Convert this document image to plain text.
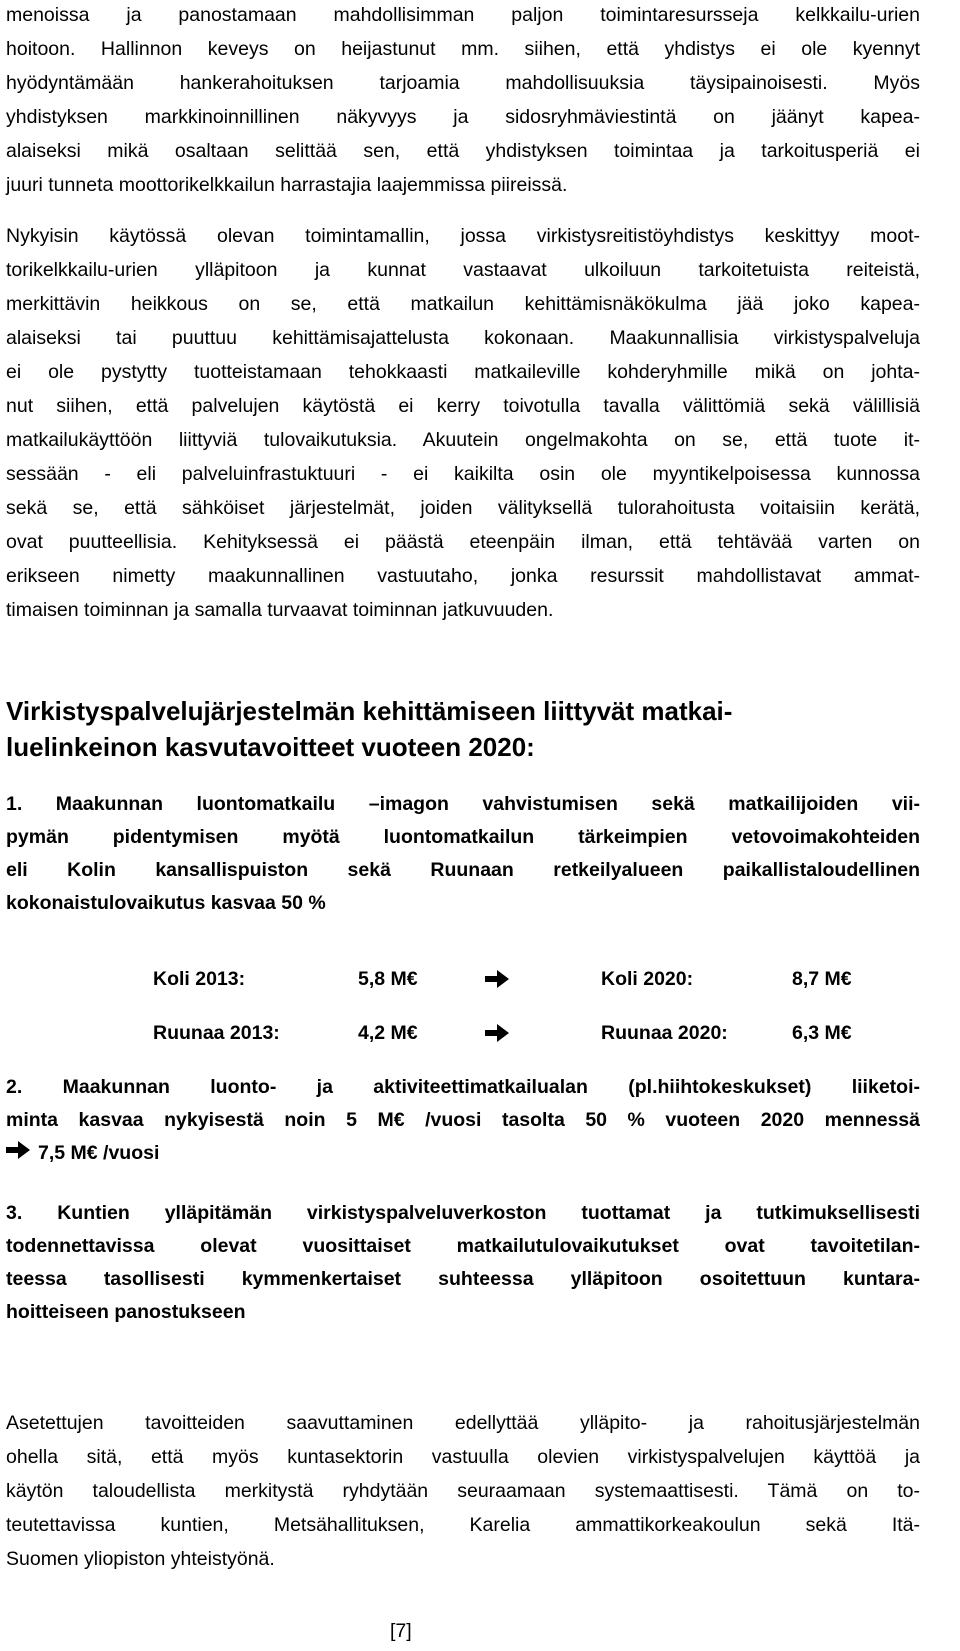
menoissa ja panostamaan mahdollisimman paljon toimintaresursseja kelkkailu-urien
hoitoon. Hallinnon keveys on heijastunut mm. siihen, että yhdistys ei ole kyennyt
hyödyntämään hankerahoituksen tarjoamia mahdollisuuksia täysipainoisesti. Myös
yhdistyksen markkinoinnillinen näkyvyys ja sidosryhmäviestintä on jäänyt kapea-
alaiseksi mikä osaltaan selittää sen, että yhdistyksen toimintaa ja tarkoitusperiä ei
juuri tunneta moottorikelkkailun harrastajia laajemmissa piireissä.
Nykyisin käytössä olevan toimintamallin, jossa virkistysreitistöyhdistys keskittyy moot-
torikelkkailu-urien ylläpitoon ja kunnat vastaavat ulkoiluun tarkoitetuista reiteistä,
merkittävin heikkous on se, että matkailun kehittämisnäkökulma jää joko kapea-
alaiseksi tai puuttuu kehittämisajattelusta kokonaan. Maakunnallisia virkistyspalveluja
ei ole pystytty tuotteistamaan tehokkaasti matkaileville kohderyhmille mikä on johta-
nut siihen, että palvelujen käytöstä ei kerry toivotulla tavalla välittömiä sekä välillisiä
matkailukäyttöön liittyviä tulovaikutuksia. Akuutein ongelmakohta on se, että tuote it-
sessään - eli palveluinfrastuktuuri - ei kaikilta osin ole myyntikelpoisessa kunnossa
sekä se, että sähköiset järjestelmät, joiden välityksellä tulorahoitusta voitaisiin kerätä,
ovat puutteellisia. Kehityksessä ei päästä eteenpäin ilman, että tehtävää varten on
erikseen nimetty maakunnallinen vastuutaho, jonka resurssit mahdollistavat ammat-
timaisen toiminnan ja samalla turvaavat toiminnan jatkuvuuden.
Virkistyspalvelujärjestelmän kehittämiseen liittyvät matkai-
luelinkeinon kasvutavoitteet vuoteen 2020:
1. Maakunnan luontomatkailu –imagon vahvistumisen sekä matkailijoiden vii-
pymän pidentymisen myötä luontomatkailun tärkeimpien vetovoimakohteiden
eli Kolin kansallispuiston sekä Ruunaan retkeilyalueen paikallistaloudellinen
kokonaistulovaikutus kasvaa 50 %
Koli 2013:	5,8 M€	Koli 2020:	8,7 M€
Ruunaa 2013:	4,2 M€	Ruunaa 2020:	6,3 M€
2. Maakunnan luonto- ja aktiviteettimatkailualan (pl.hiihtokeskukset) liiketoi-
minta kasvaa nykyisestä noin 5 M€ /vuosi tasolta 50 % vuoteen 2020 mennessä
7,5 M€ /vuosi
3. Kuntien ylläpitämän virkistyspalveluverkoston tuottamat ja tutkimuksellisesti
todennettavissa olevat vuosittaiset matkailutulovaikutukset ovat tavoitetilan-
teessa tasollisesti kymmenkertaiset suhteessa ylläpitoon osoitettuun kuntara-
hoitteiseen panostukseen
Asetettujen tavoitteiden saavuttaminen edellyttää ylläpito- ja rahoitusjärjestelmän
ohella sitä, että myös kuntasektorin vastuulla olevien virkistyspalvelujen käyttöä ja
käytön taloudellista merkitystä ryhdytään seuraamaan systemaattisesti. Tämä on to-
teutettavissa kuntien, Metsähallituksen, Karelia ammattikorkeakoulun sekä Itä-
Suomen yliopiston yhteistyönä.
[7]
